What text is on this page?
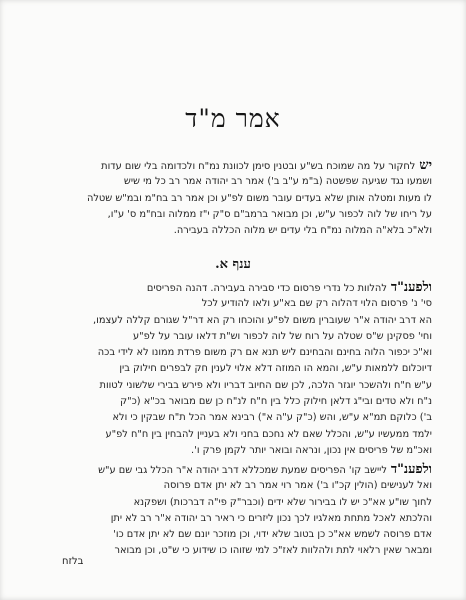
אמר מ"ד
ישלחקור על מה שמוכח בש"ע ובטנין סימן לכוונת נמ"ח ולכדומה בלי שום עדות
ושמעו נגד שגיעה שפשטה (ב"מ ע"ב ב') אמר רב יהודה אמר רב כל מי שיש
לו מעות ומטלה אותן שלא בעדים עובר משום לפ"ע וכן אמר רב בח"מ ובמ"ש שטלה
על ריחו של לוה לכפור ע"ש, וכן מבואר ברמב"ם ס"ק י"ז ממלוה ובח"מ ס' ע"ו,
ולא"כ בלא"ה המלוה נמ"ח בלי עדים יש מלוה הכללה בעבירה.
ענף א.
ולפענ"דלהלוות כל נדרי פרסום כדי סבירה בעבירה. דהנה הפריסים
סי' נ' פרסום הלוי דהלוה רק שם בא"ע ולאו להודיע לכל
הא דרב יהודה א"ר שעוברין משום לפ"ע והוכחו רק הא דר"ל שגורם קללה לעצמו,
וחי' פסקינן ש"ס שטלה על רוח של לוה לכפור וש"ת דלאו עובר על לפ"ע
וא"כ יכפור הלוה בחינם והבחינם ליש תנא אם רק משום פרדת ממונו לא לידי בכה
דיוכלום ללמאות ע"ש, והמא הו המוזה דלא אלוי לענין חק לבפרים חילוק בין
ע"ש ח"ח ולהשכר יוגזר הלכה, לכן שם החיוב דבריו ולא פירש בבירי שלשוני לטוות
נ"ח ולא טדים ובי"ג דלאן חילוק כלל בין ח"ח לנ"ח כן שם מבואר בכ"א (כ"ק
ב') כלוקם תמ"א ע"ש, והש (כ"ק ע"ה א") רבינא אמר הכל ת"ח שבקין כי ולא
ילמד ממעשיו ע"ש, והכלל שאם לא נחכם בחני ולא בעניין להבחין בין ח"ח לפ"ע
ואכ"מ של פריסים אין נכון, ונראה ובואר יותר לקמן פרק ו'.
ולפענ"דליישב קו' הפריסים שמעת שמכללא דרב יהודה א"ר הכלל גבי שם ע"ש
ואל לענישים (הולין קכ"ו ב') אמר רוי אמר רב לא יתן אדם פרוסה
לחוך שו"ע אא"כ יש לו בבירור שלא ידים (וכבר"ק פי"ה דברכות) ושפקנא
והלכתא לאכל מתחת מאלגיו לכך נכון ליזרים כי ראיר רב יהודה א"ר רב לא יתן
אדם פרוסה לשמש אא"כ כן בטוב שלא ידוי, וכן מוזכר יונם שם לא יתן אדם כו'
ומבאר שאין רלאוי לתת ולהלוות לאז"כ למי שזוהו כו שידוע כי ש"ט, וכן מבואר
בלזח
